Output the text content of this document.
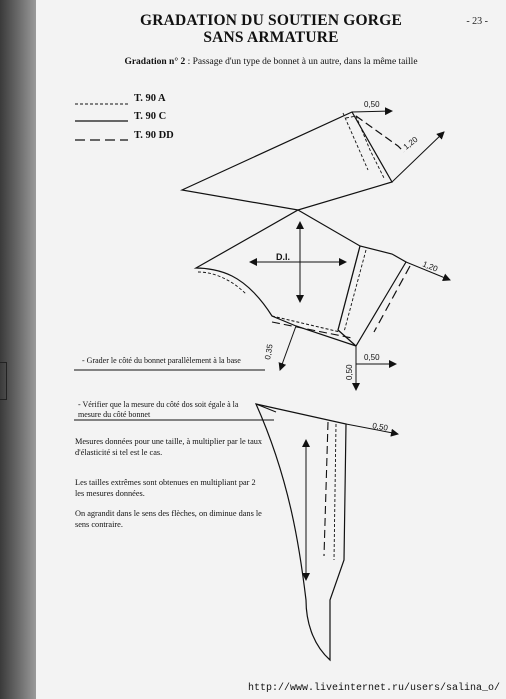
GRADATION DU SOUTIEN GORGE
SANS ARMATURE
- 23 -
Gradation n° 2 : Passage d'un type de bonnet à un autre, dans la même taille
T. 90 A
T. 90 C
T. 90 DD
0,50
1,20
D.I.
1,20
0,35	0,50
0,50
0,50
- Grader le côté du bonnet parallèlement à la base
- Vérifier que la mesure du côté dos soit égale à la mesure du côté bonnet
Mesures données pour une taille, à multiplier par le taux d'élasticité si tel est le cas.
Les tailles extrêmes sont obtenues en multipliant par 2 les mesures données.
On agrandit dans le sens des flèches, on diminue dans le sens contraire.
http://www.liveinternet.ru/users/salina_o/
